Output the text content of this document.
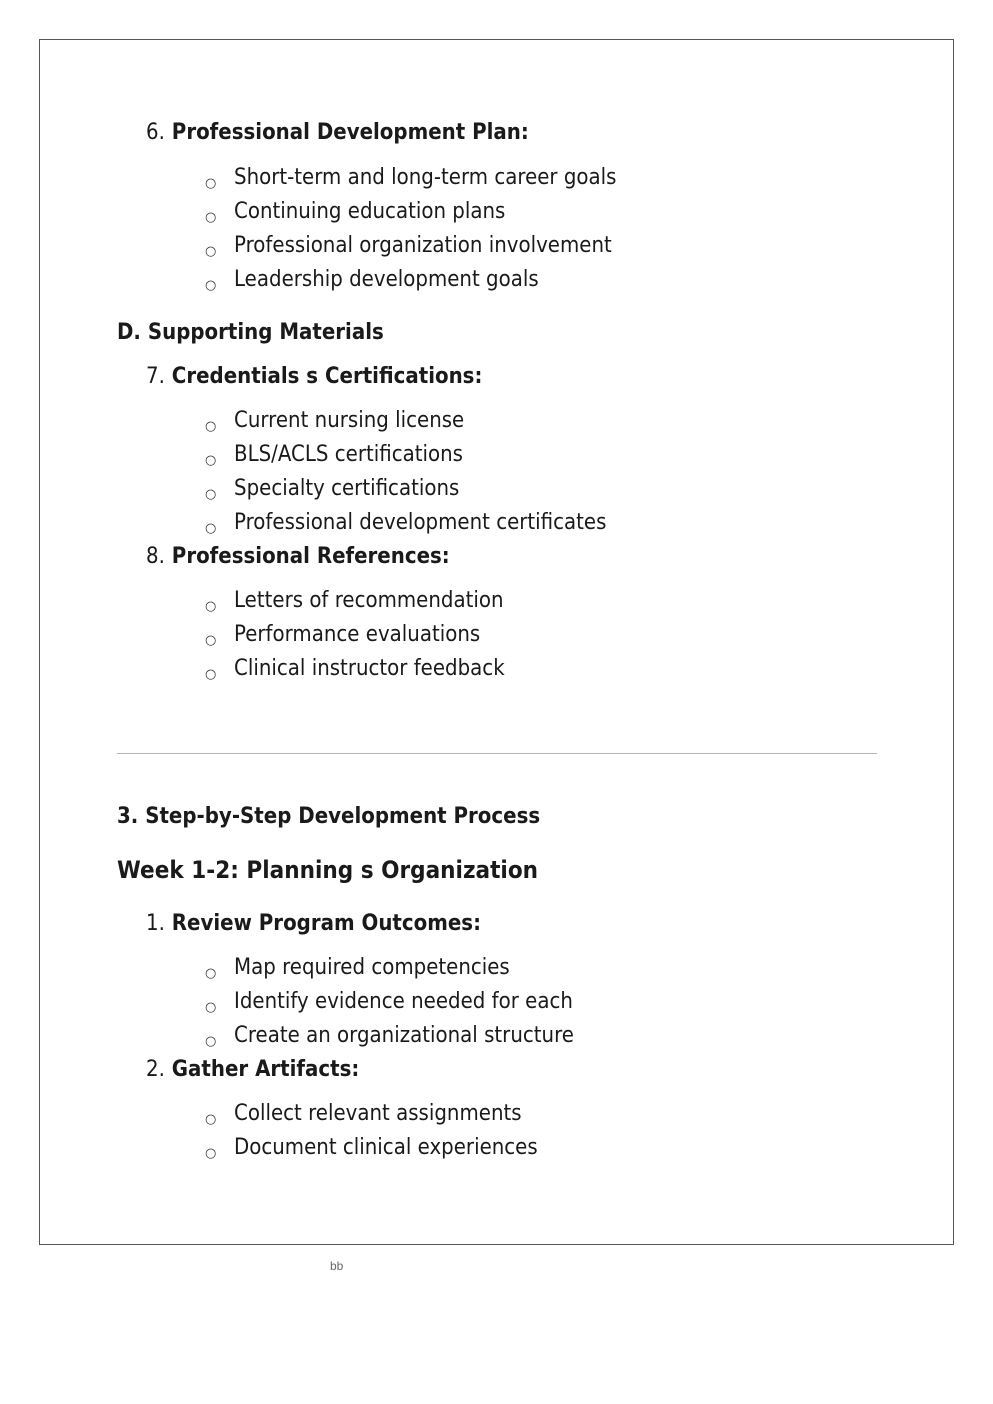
6. Professional Development Plan:
○ Short-term and long-term career goals
○ Continuing education plans
○ Professional organization involvement
○ Leadership development goals
D. Supporting Materials
7. Credentials s Certifications:
○ Current nursing license
○ BLS/ACLS certifications
○ Specialty certifications
○ Professional development certificates
8. Professional References:
○ Letters of recommendation
○ Performance evaluations
○ Clinical instructor feedback
3. Step-by-Step Development Process
Week 1-2: Planning s Organization
1. Review Program Outcomes:
○ Map required competencies
○ Identify evidence needed for each
○ Create an organizational structure
2. Gather Artifacts:
○ Collect relevant assignments
○ Document clinical experiences
bb
